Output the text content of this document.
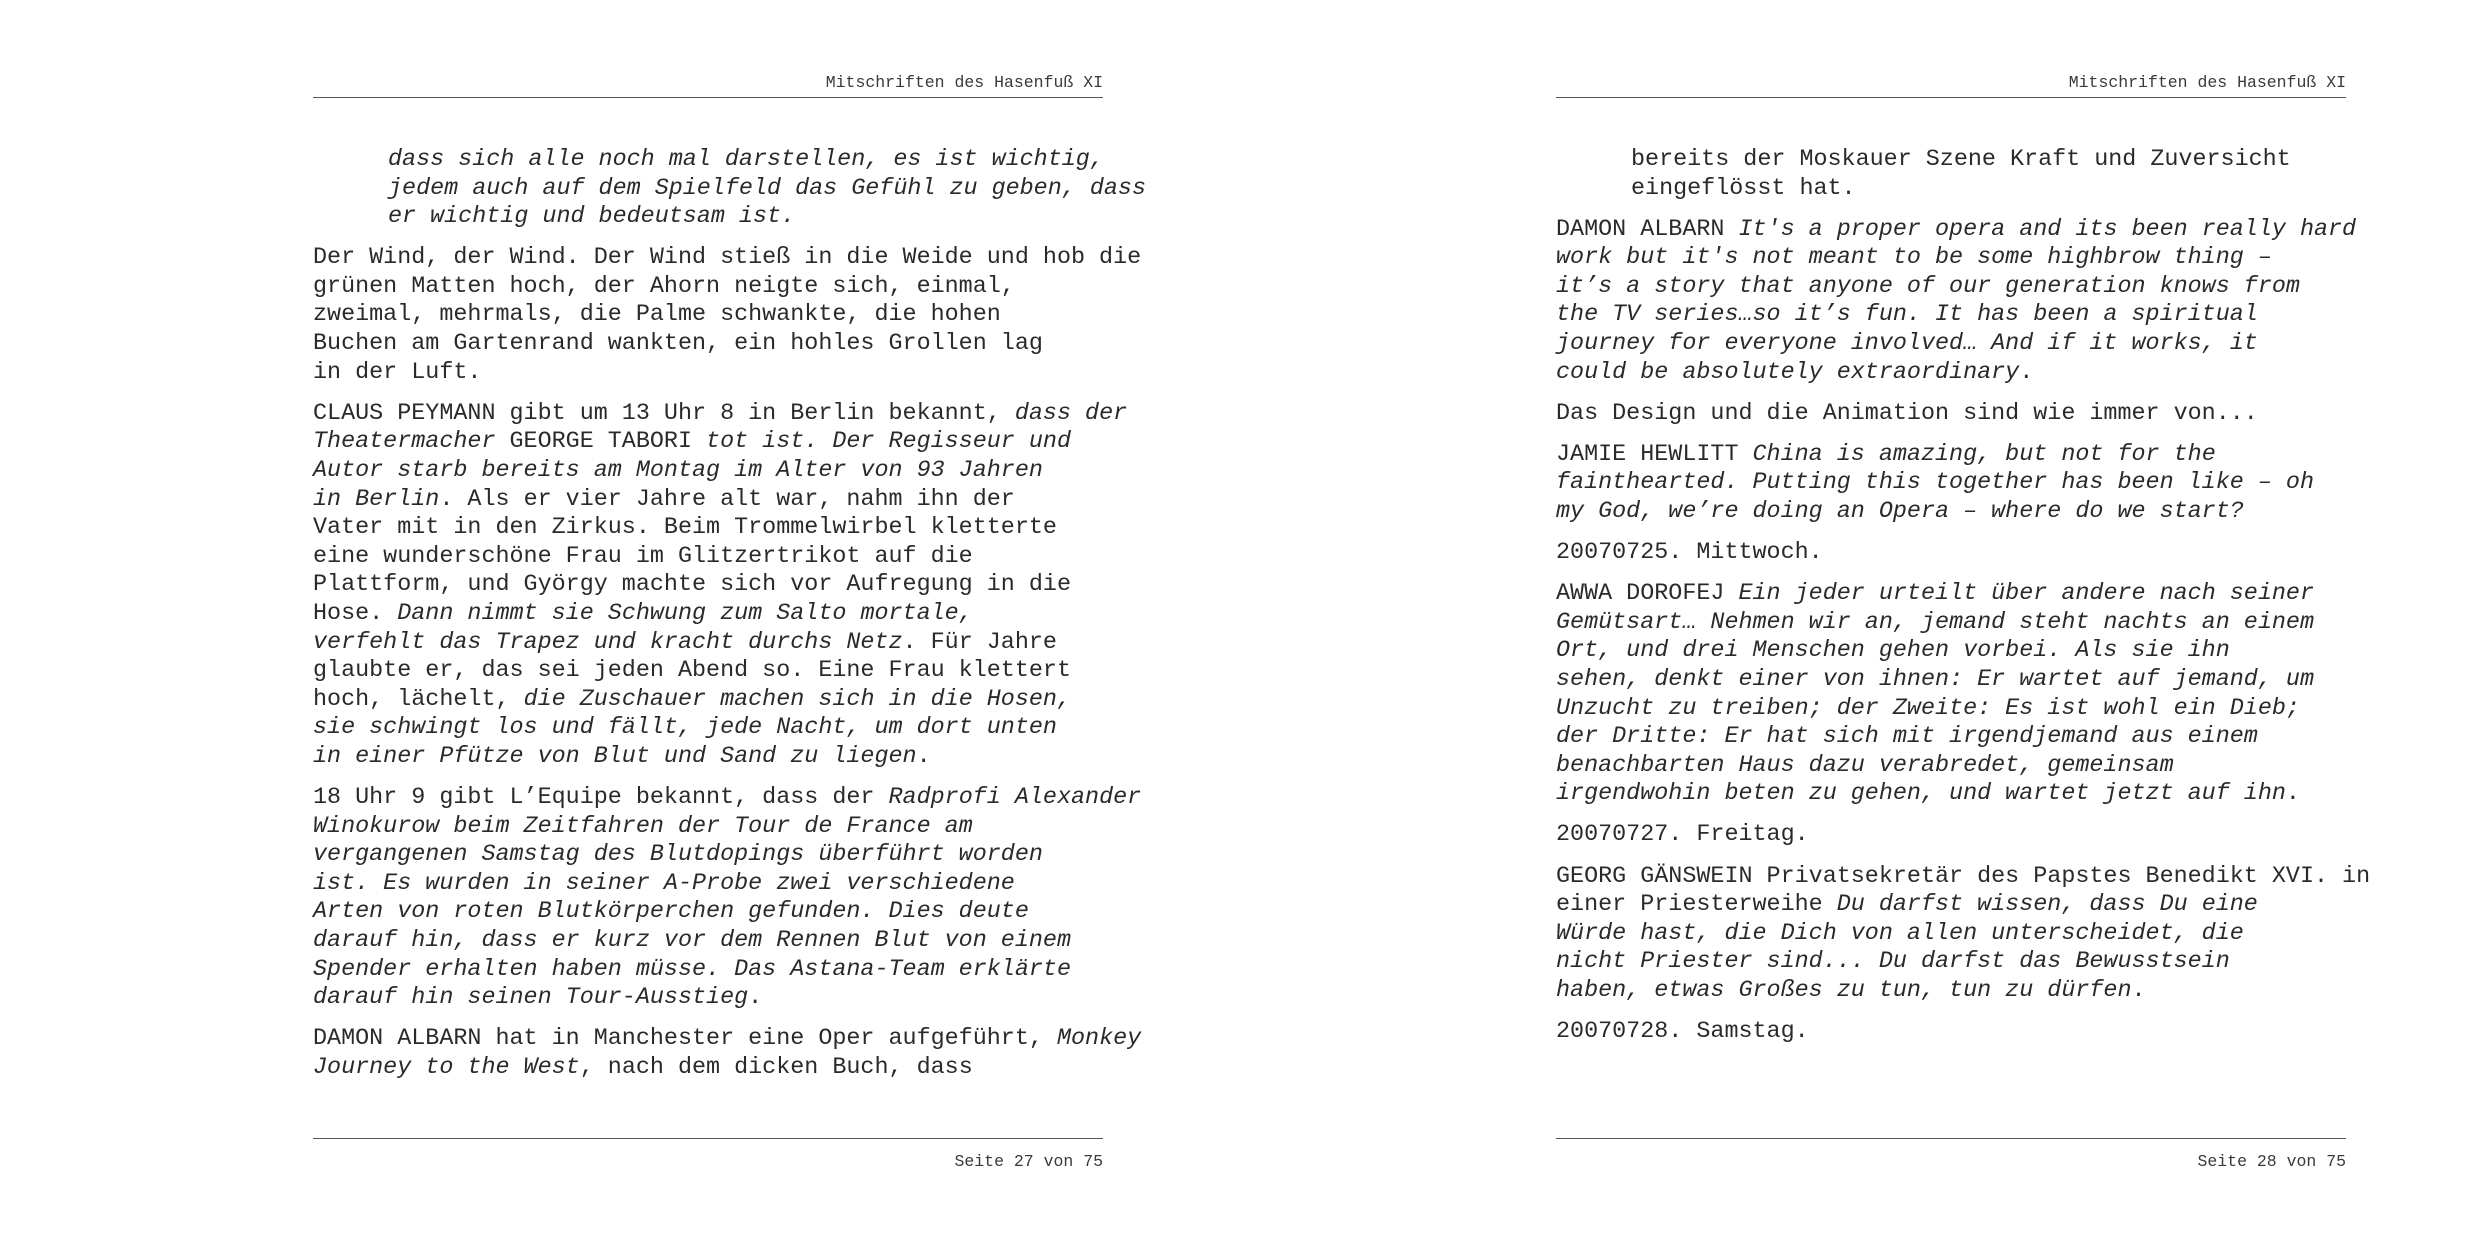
Mitschriften des Hasenfuß XI
dass sich alle noch mal darstellen, es ist wichtig,
jedem auch auf dem Spielfeld das Gefühl zu geben, dass
er wichtig und bedeutsam ist.
Der Wind, der Wind. Der Wind stieß in die Weide und hob die
grünen Matten hoch, der Ahorn neigte sich, einmal,
zweimal, mehrmals, die Palme schwankte, die hohen
Buchen am Gartenrand wankten, ein hohles Grollen lag
in der Luft.
CLAUS PEYMANN gibt um 13 Uhr 8 in Berlin bekannt, dass der
Theatermacher GEORGE TABORI tot ist. Der Regisseur und
Autor starb bereits am Montag im Alter von 93 Jahren
in Berlin. Als er vier Jahre alt war, nahm ihn der
Vater mit in den Zirkus. Beim Trommelwirbel kletterte
eine wunderschöne Frau im Glitzertrikot auf die
Plattform, und György machte sich vor Aufregung in die
Hose. Dann nimmt sie Schwung zum Salto mortale,
verfehlt das Trapez und kracht durchs Netz. Für Jahre
glaubte er, das sei jeden Abend so. Eine Frau klettert
hoch, lächelt, die Zuschauer machen sich in die Hosen,
sie schwingt los und fällt, jede Nacht, um dort unten
in einer Pfütze von Blut und Sand zu liegen.
18 Uhr 9 gibt L’Equipe bekannt, dass der Radprofi Alexander
Winokurow beim Zeitfahren der Tour de France am
vergangenen Samstag des Blutdopings überführt worden
ist. Es wurden in seiner A-Probe zwei verschiedene
Arten von roten Blutkörperchen gefunden. Dies deute
darauf hin, dass er kurz vor dem Rennen Blut von einem
Spender erhalten haben müsse. Das Astana-Team erklärte
darauf hin seinen Tour-Ausstieg.
DAMON ALBARN hat in Manchester eine Oper aufgeführt, Monkey
Journey to the West, nach dem dicken Buch, dass
Seite 27 von 75
Mitschriften des Hasenfuß XI
bereits der Moskauer Szene Kraft und Zuversicht
eingeflösst hat.
DAMON ALBARN It's a proper opera and its been really hard
work but it's not meant to be some highbrow thing –
it’s a story that anyone of our generation knows from
the TV series…so it’s fun. It has been a spiritual
journey for everyone involved… And if it works, it
could be absolutely extraordinary.
Das Design und die Animation sind wie immer von...
JAMIE HEWLITT China is amazing, but not for the
fainthearted. Putting this together has been like – oh
my God, we’re doing an Opera – where do we start?
20070725. Mittwoch.
AWWA DOROFEJ Ein jeder urteilt über andere nach seiner
Gemütsart… Nehmen wir an, jemand steht nachts an einem
Ort, und drei Menschen gehen vorbei. Als sie ihn
sehen, denkt einer von ihnen: Er wartet auf jemand, um
Unzucht zu treiben; der Zweite: Es ist wohl ein Dieb;
der Dritte: Er hat sich mit irgendjemand aus einem
benachbarten Haus dazu verabredet, gemeinsam
irgendwohin beten zu gehen, und wartet jetzt auf ihn.
20070727. Freitag.
GEORG GÄNSWEIN Privatsekretär des Papstes Benedikt XVI. in
einer Priesterweihe Du darfst wissen, dass Du eine
Würde hast, die Dich von allen unterscheidet, die
nicht Priester sind... Du darfst das Bewusstsein
haben, etwas Großes zu tun, tun zu dürfen.
20070728. Samstag.
Seite 28 von 75
